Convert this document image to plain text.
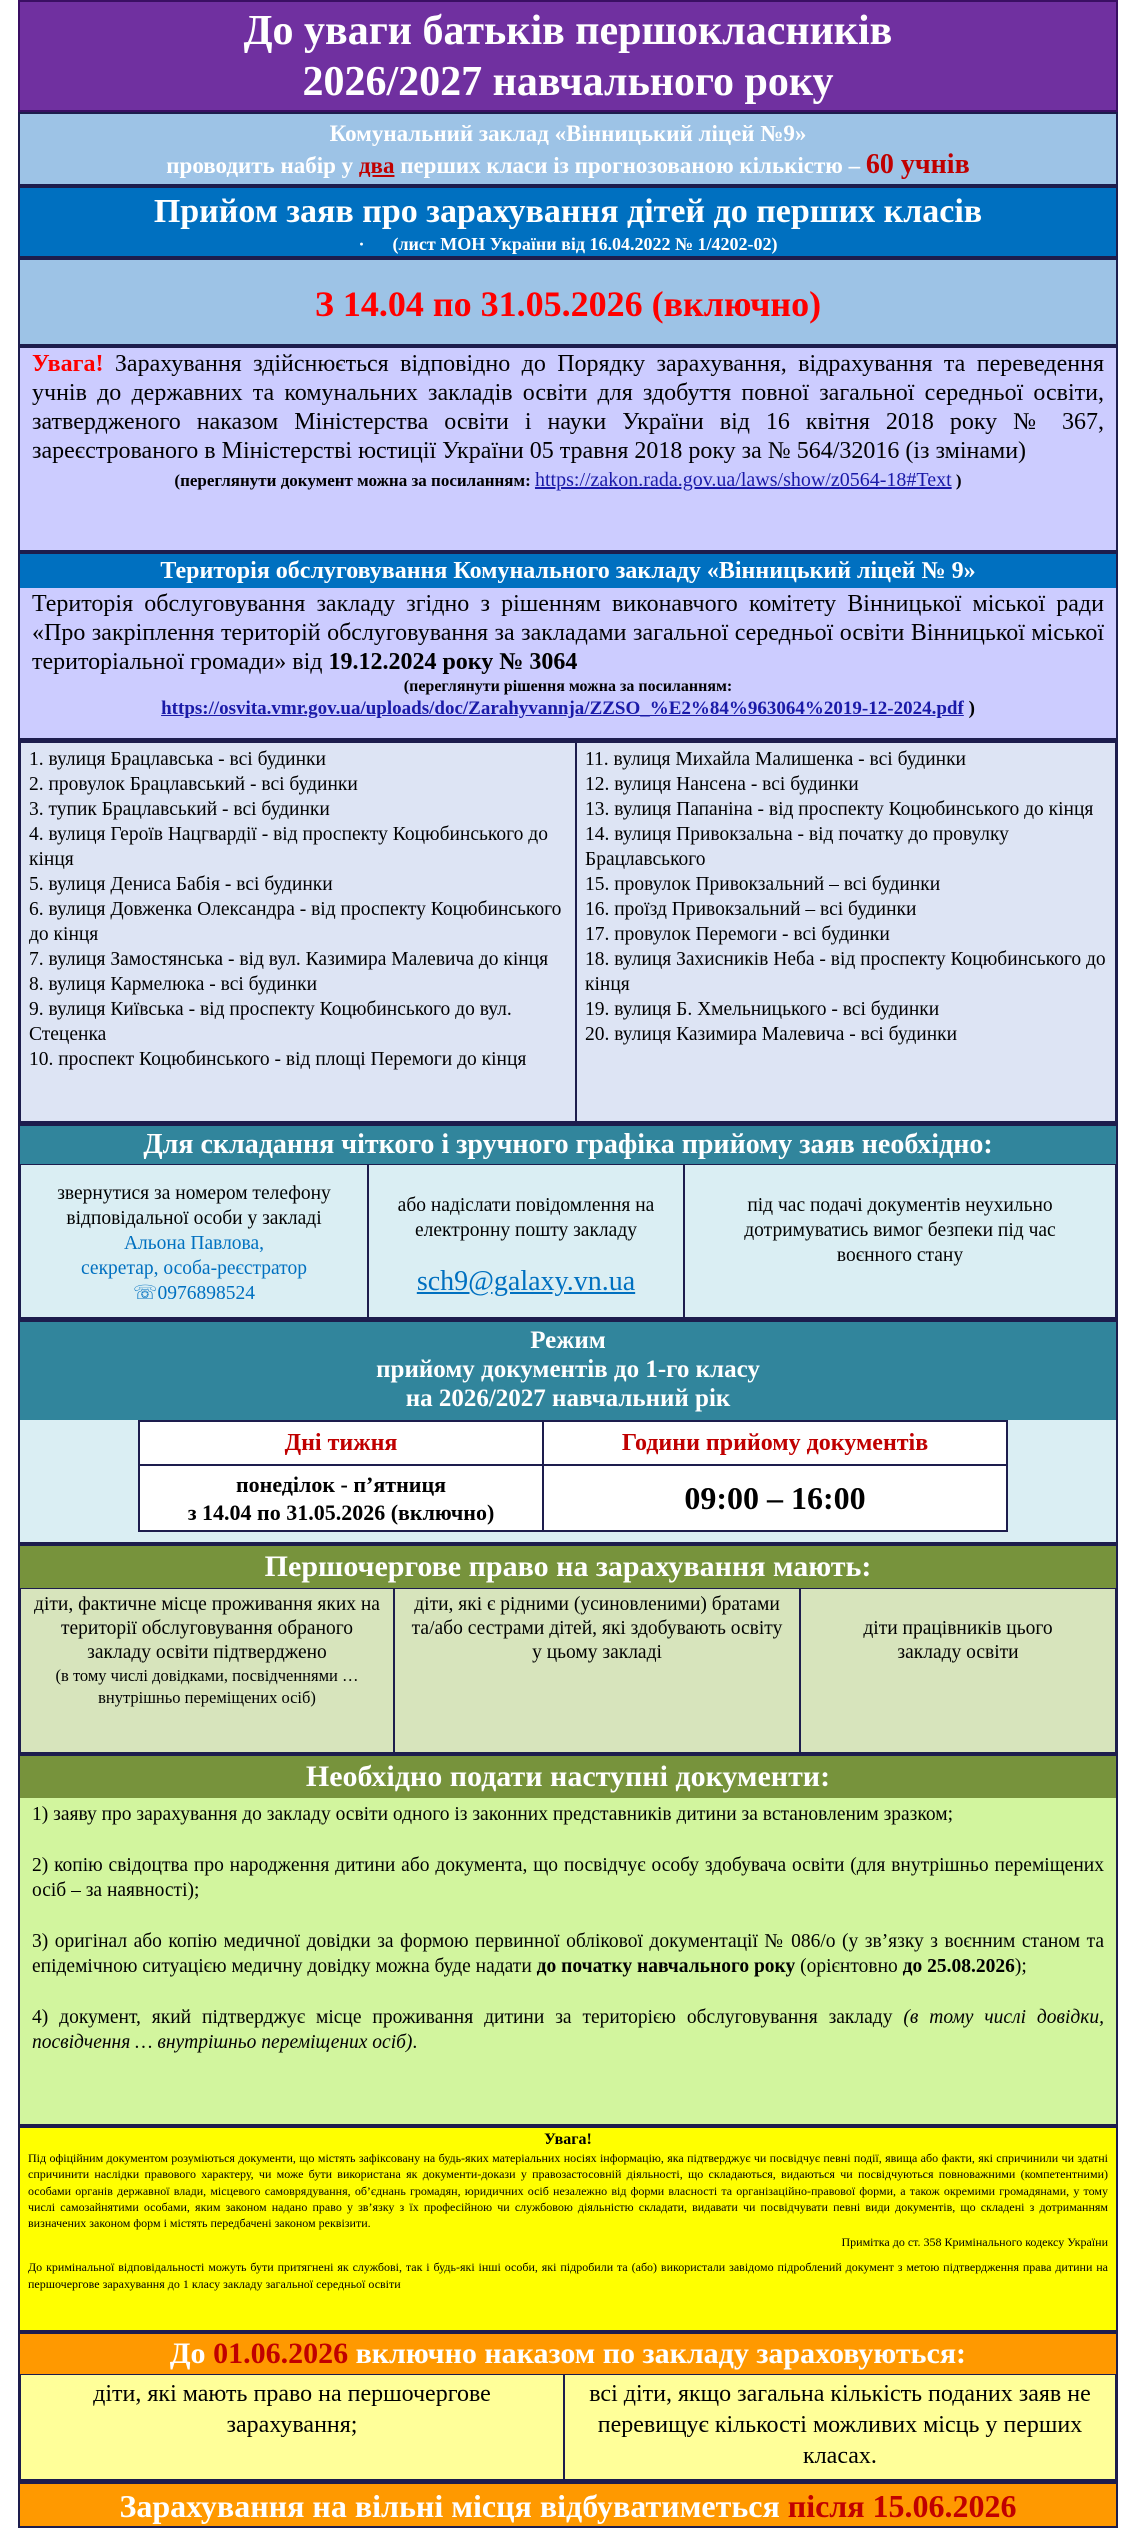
До уваги батьків першокласників
2026/2027 навчального року
Комунальний заклад «Вінницький ліцей №9»
проводить набір у два перших класи із прогнозованою кількістю – 60 учнів
Прийом заяв про зарахування дітей до перших класів
· (лист МОН України від 16.04.2022 № 1/4202-02)
З 14.04 по 31.05.2026 (включно)
Увага! Зарахування здійснюється відповідно до Порядку зарахування, відрахування та переведення учнів до державних та комунальних закладів освіти для здобуття повної загальної середньої освіти, затвердженого наказом Міністерства освіти і науки України від 16 квітня 2018 року № 367, зареєстрованого в Міністерстві юстиції України 05 травня 2018 року за № 564/32016 (із змінами)
(переглянути документ можна за посиланням: https://zakon.rada.gov.ua/laws/show/z0564-18#Text )
Територія обслуговування Комунального закладу «Вінницький ліцей № 9»
Територія обслуговування закладу згідно з рішенням виконавчого комітету Вінницької міської ради «Про закріплення територій обслуговування за закладами загальної середньої освіти Вінницької міської територіальної громади» від 19.12.2024 року № 3064
(переглянути рішення можна за посиланням:
https://osvita.vmr.gov.ua/uploads/doc/Zarahyvannja/ZZSO_%E2%84%963064%2019-12-2024.pdf )
1. вулиця Брацлавська - всі будинки
2. провулок Брацлавський - всі будинки
3. тупик Брацлавський - всі будинки
4. вулиця Героїв Нацгвардії - від проспекту Коцюбинського до кінця
5. вулиця Дениса Бабія - всі будинки
6. вулиця Довженка Олександра - від проспекту Коцюбинського до кінця
7. вулиця Замостянська - від вул. Казимира Малевича до кінця
8. вулиця Кармелюка - всі будинки
9. вулиця Київська - від проспекту Коцюбинського до вул. Стеценка
10. проспект Коцюбинського - від площі Перемоги до кінця
11. вулиця Михайла Малишенка - всі будинки
12. вулиця Нансена - всі будинки
13. вулиця Папаніна - від проспекту Коцюбинського до кінця
14. вулиця Привокзальна - від початку до провулку Брацлавського
15. провулок Привокзальний – всі будинки
16. проїзд Привокзальний – всі будинки
17. провулок Перемоги - всі будинки
18. вулиця Захисників Неба - від проспекту Коцюбинського до кінця
19. вулиця Б. Хмельницького - всі будинки
20. вулиця Казимира Малевича - всі будинки
Для складання чіткого і зручного графіка прийому заяв необхідно:
звернутися за номером телефону відповідальної особи у закладі
Альона Павлова,
секретар, особа-реєстратор
☏0976898524
або надіслати повідомлення на електронну пошту закладу
sch9@galaxy.vn.ua
під час подачі документів неухильно дотримуватись вимог безпеки під час воєнного стану
Режим
прийому документів до 1-го класу
на 2026/2027 навчальний рік
Дні тижня	Години прийому документів
понеділок - п’ятниця
з 14.04 по 31.05.2026 (включно)	09:00 – 16:00
Першочергове право на зарахування мають:
діти, фактичне місце проживання яких на території обслуговування обраного закладу освіти підтверджено
(в тому числі довідками, посвідченнями … внутрішньо переміщених осіб)
діти, які є рідними (усиновленими) братами та/або сестрами дітей, які здобувають освіту у цьому закладі
діти працівників цього закладу освіти
Необхідно подати наступні документи:
1) заяву про зарахування до закладу освіти одного із законних представників дитини за встановленим зразком;
2) копію свідоцтва про народження дитини або документа, що посвідчує особу здобувача освіти (для внутрішньо переміщених осіб – за наявності);
3) оригінал або копію медичної довідки за формою первинної облікової документації № 086/о (у зв’язку з воєнним станом та епідемічною ситуацією медичну довідку можна буде надати до початку навчального року (орієнтовно до 25.08.2026);
4) документ, який підтверджує місце проживання дитини за територією обслуговування закладу (в тому числі довідки, посвідчення … внутрішньо переміщених осіб).
Увага!
Під офіційним документом розуміються документи, що містять зафіксовану на будь-яких матеріальних носіях інформацію, яка підтверджує чи посвідчує певні події, явища або факти, які спричинили чи здатні спричинити наслідки правового характеру, чи може бути використана як документи-докази у правозастосовній діяльності, що складаються, видаються чи посвідчуються повноважними (компетентними) особами органів державної влади, місцевого самоврядування, об’єднань громадян, юридичних осіб незалежно від форми власності та організаційно-правової форми, а також окремими громадянами, у тому числі самозайнятими особами, яким законом надано право у зв’язку з їх професійною чи службовою діяльністю складати, видавати чи посвідчувати певні види документів, що складені з дотриманням визначених законом форм і містять передбачені законом реквізити.
Примітка до ст. 358 Кримінального кодексу України
До кримінальної відповідальності можуть бути притягнені як службові, так і будь-які інші особи, які підробили та (або) використали завідомо підроблений документ з метою підтвердження права дитини на першочергове зарахування до 1 класу закладу загальної середньої освіти
До 01.06.2026 включно наказом по закладу зараховуються:
діти, які мають право на першочергове зарахування;
всі діти, якщо загальна кількість поданих заяв не перевищує кількості можливих місць у перших класах.
Зарахування на вільні місця відбуватиметься після 15.06.2026
